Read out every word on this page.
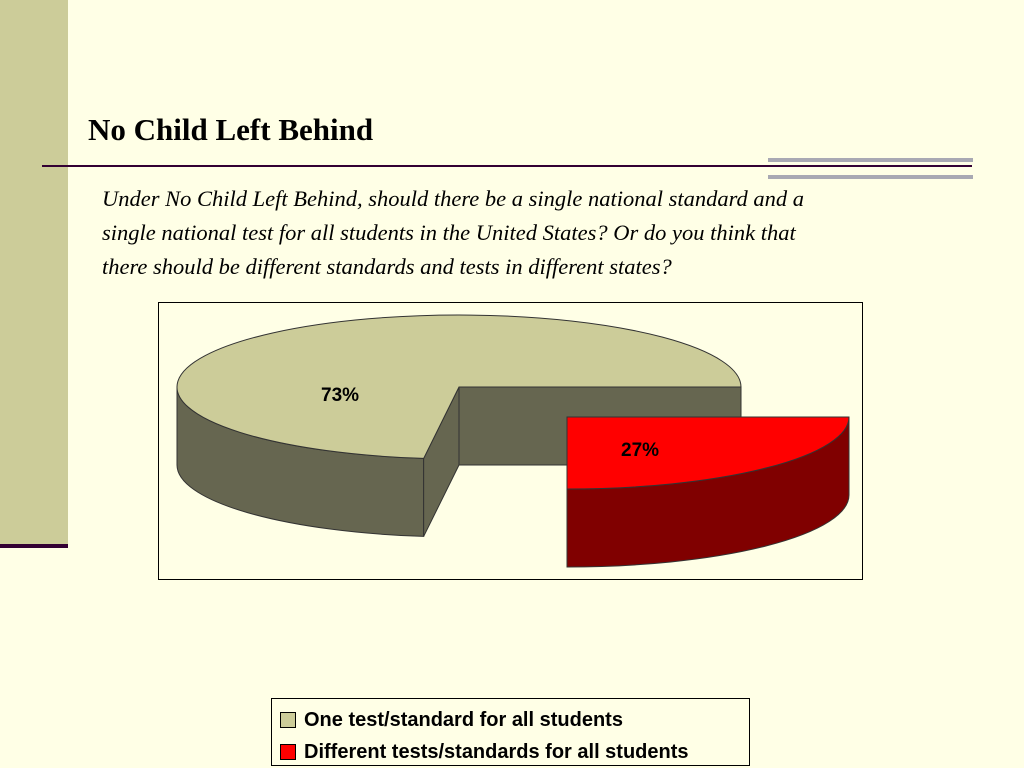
No Child Left Behind

Under No Child Left Behind, should there be a single national standard and a
single national test for all students in the United States? Or do you think that
there should be different standards and tests in different states?

73%
27%
One test/standard for all students
Different tests/standards for all students
